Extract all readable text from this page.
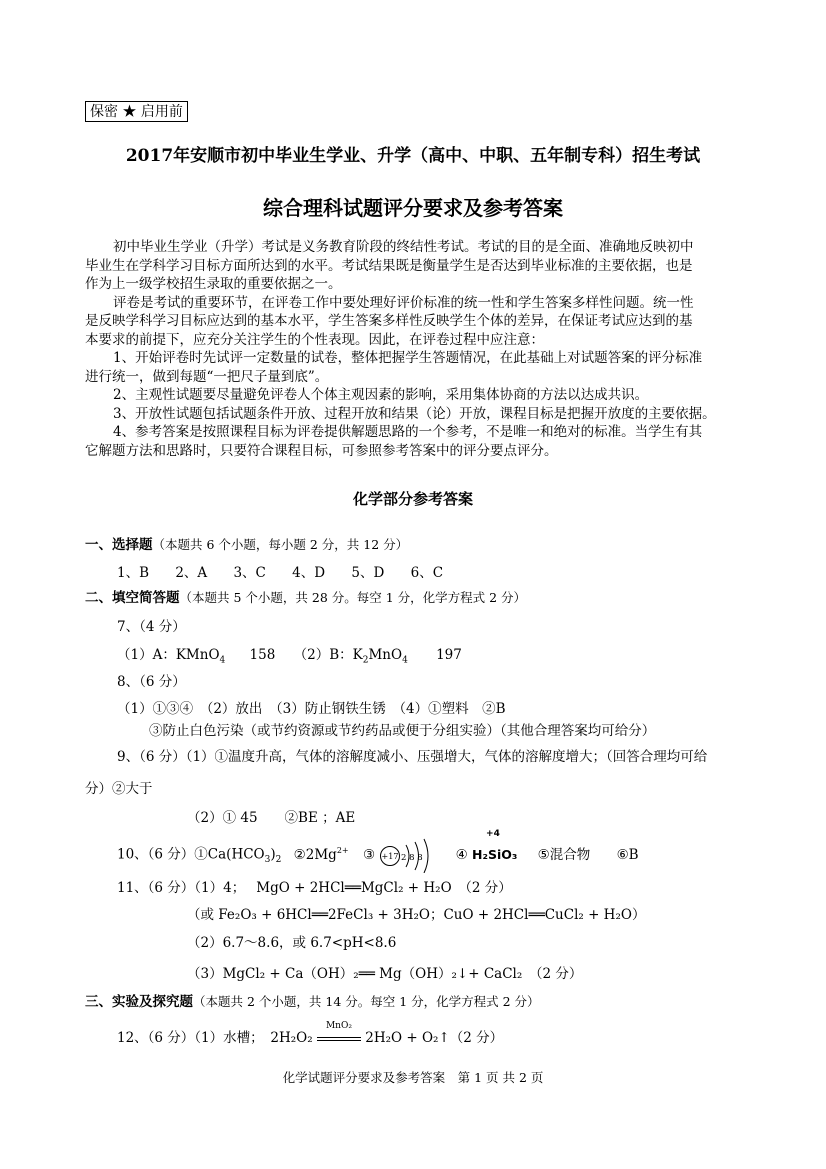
保密 ★ 启用前
2017年安顺市初中毕业生学业、升学（高中、中职、五年制专科）招生考试
综合理科试题评分要求及参考答案
初中毕业生学业（升学）考试是义务教育阶段的终结性考试。考试的目的是全面、准确地反映初中
毕业生在学科学习目标方面所达到的水平。考试结果既是衡量学生是否达到毕业标准的主要依据，也是
作为上一级学校招生录取的重要依据之一。
评卷是考试的重要环节，在评卷工作中要处理好评价标准的统一性和学生答案多样性问题。统一性
是反映学科学习目标应达到的基本水平，学生答案多样性反映学生个体的差异，在保证考试应达到的基
本要求的前提下，应充分关注学生的个性表现。因此，在评卷过程中应注意：
1、开始评卷时先试评一定数量的试卷，整体把握学生答题情况，在此基础上对试题答案的评分标准
进行统一，做到每题“一把尺子量到底”。
2、主观性试题要尽量避免评卷人个体主观因素的影响，采用集体协商的方法以达成共识。
3、开放性试题包括试题条件开放、过程开放和结果（论）开放，课程目标是把握开放度的主要依据。
4、参考答案是按照课程目标为评卷提供解题思路的一个参考，不是唯一和绝对的标准。当学生有其
它解题方法和思路时，只要符合课程目标，可参照参考答案中的评分要点评分。
化学部分参考答案
一、选择题（本题共 6 个小题，每小题 2 分，共 12 分）
1、B 2、A 3、C 4、D 5、D 6、C
二、填空简答题（本题共 5 个小题，共 28 分。每空 1 分，化学方程式 2 分）
7、（4 分）
（1）A：KMnO$_4$ 158 （2）B：$K_2MnO_4$ 197
8、（6 分）
（1）①③④　（2）放出　（3）防止钢铁生锈　（4）①塑料　②B
③防止白色污染（或节约资源或节约药品或便于分组实验）（其他合理答案均可给分）
9、（6 分）（1）①温度升高，气体的溶解度减小、压强增大，气体的溶解度增大；（回答合理均可给
分）②大于
（2）① 45　　②BE ；AE
10、（6 分）$①Ca(HCO_3)_2$ $②2Mg^{2+}$ ③ +17 2 8 8 ④
+4
H₂SiO₃ ⑤混合物 ⑥B
11、（6 分）（1）4；　 MgO + 2HCl══MgCl₂ + H₂O　（2 分）
（或 Fe₂O₃ + 6HCl══2FeCl₃ + 3H₂O；CuO + 2HCl══CuCl₂ + H₂O）
（2）6.7～8.6，或 6.7<pH<8.6
（3）MgCl₂ + Ca（OH）₂══ Mg（OH）₂↓+ CaCl₂　（2 分）
三、实验及探究题（本题共 2 个小题，共 14 分。每空 1 分，化学方程式 2 分）
12、（6 分）（1）水槽；　2H₂O₂
MnO₂
2H₂O + O₂↑（2 分）
化学试题评分要求及参考答案　第 1 页 共 2 页
